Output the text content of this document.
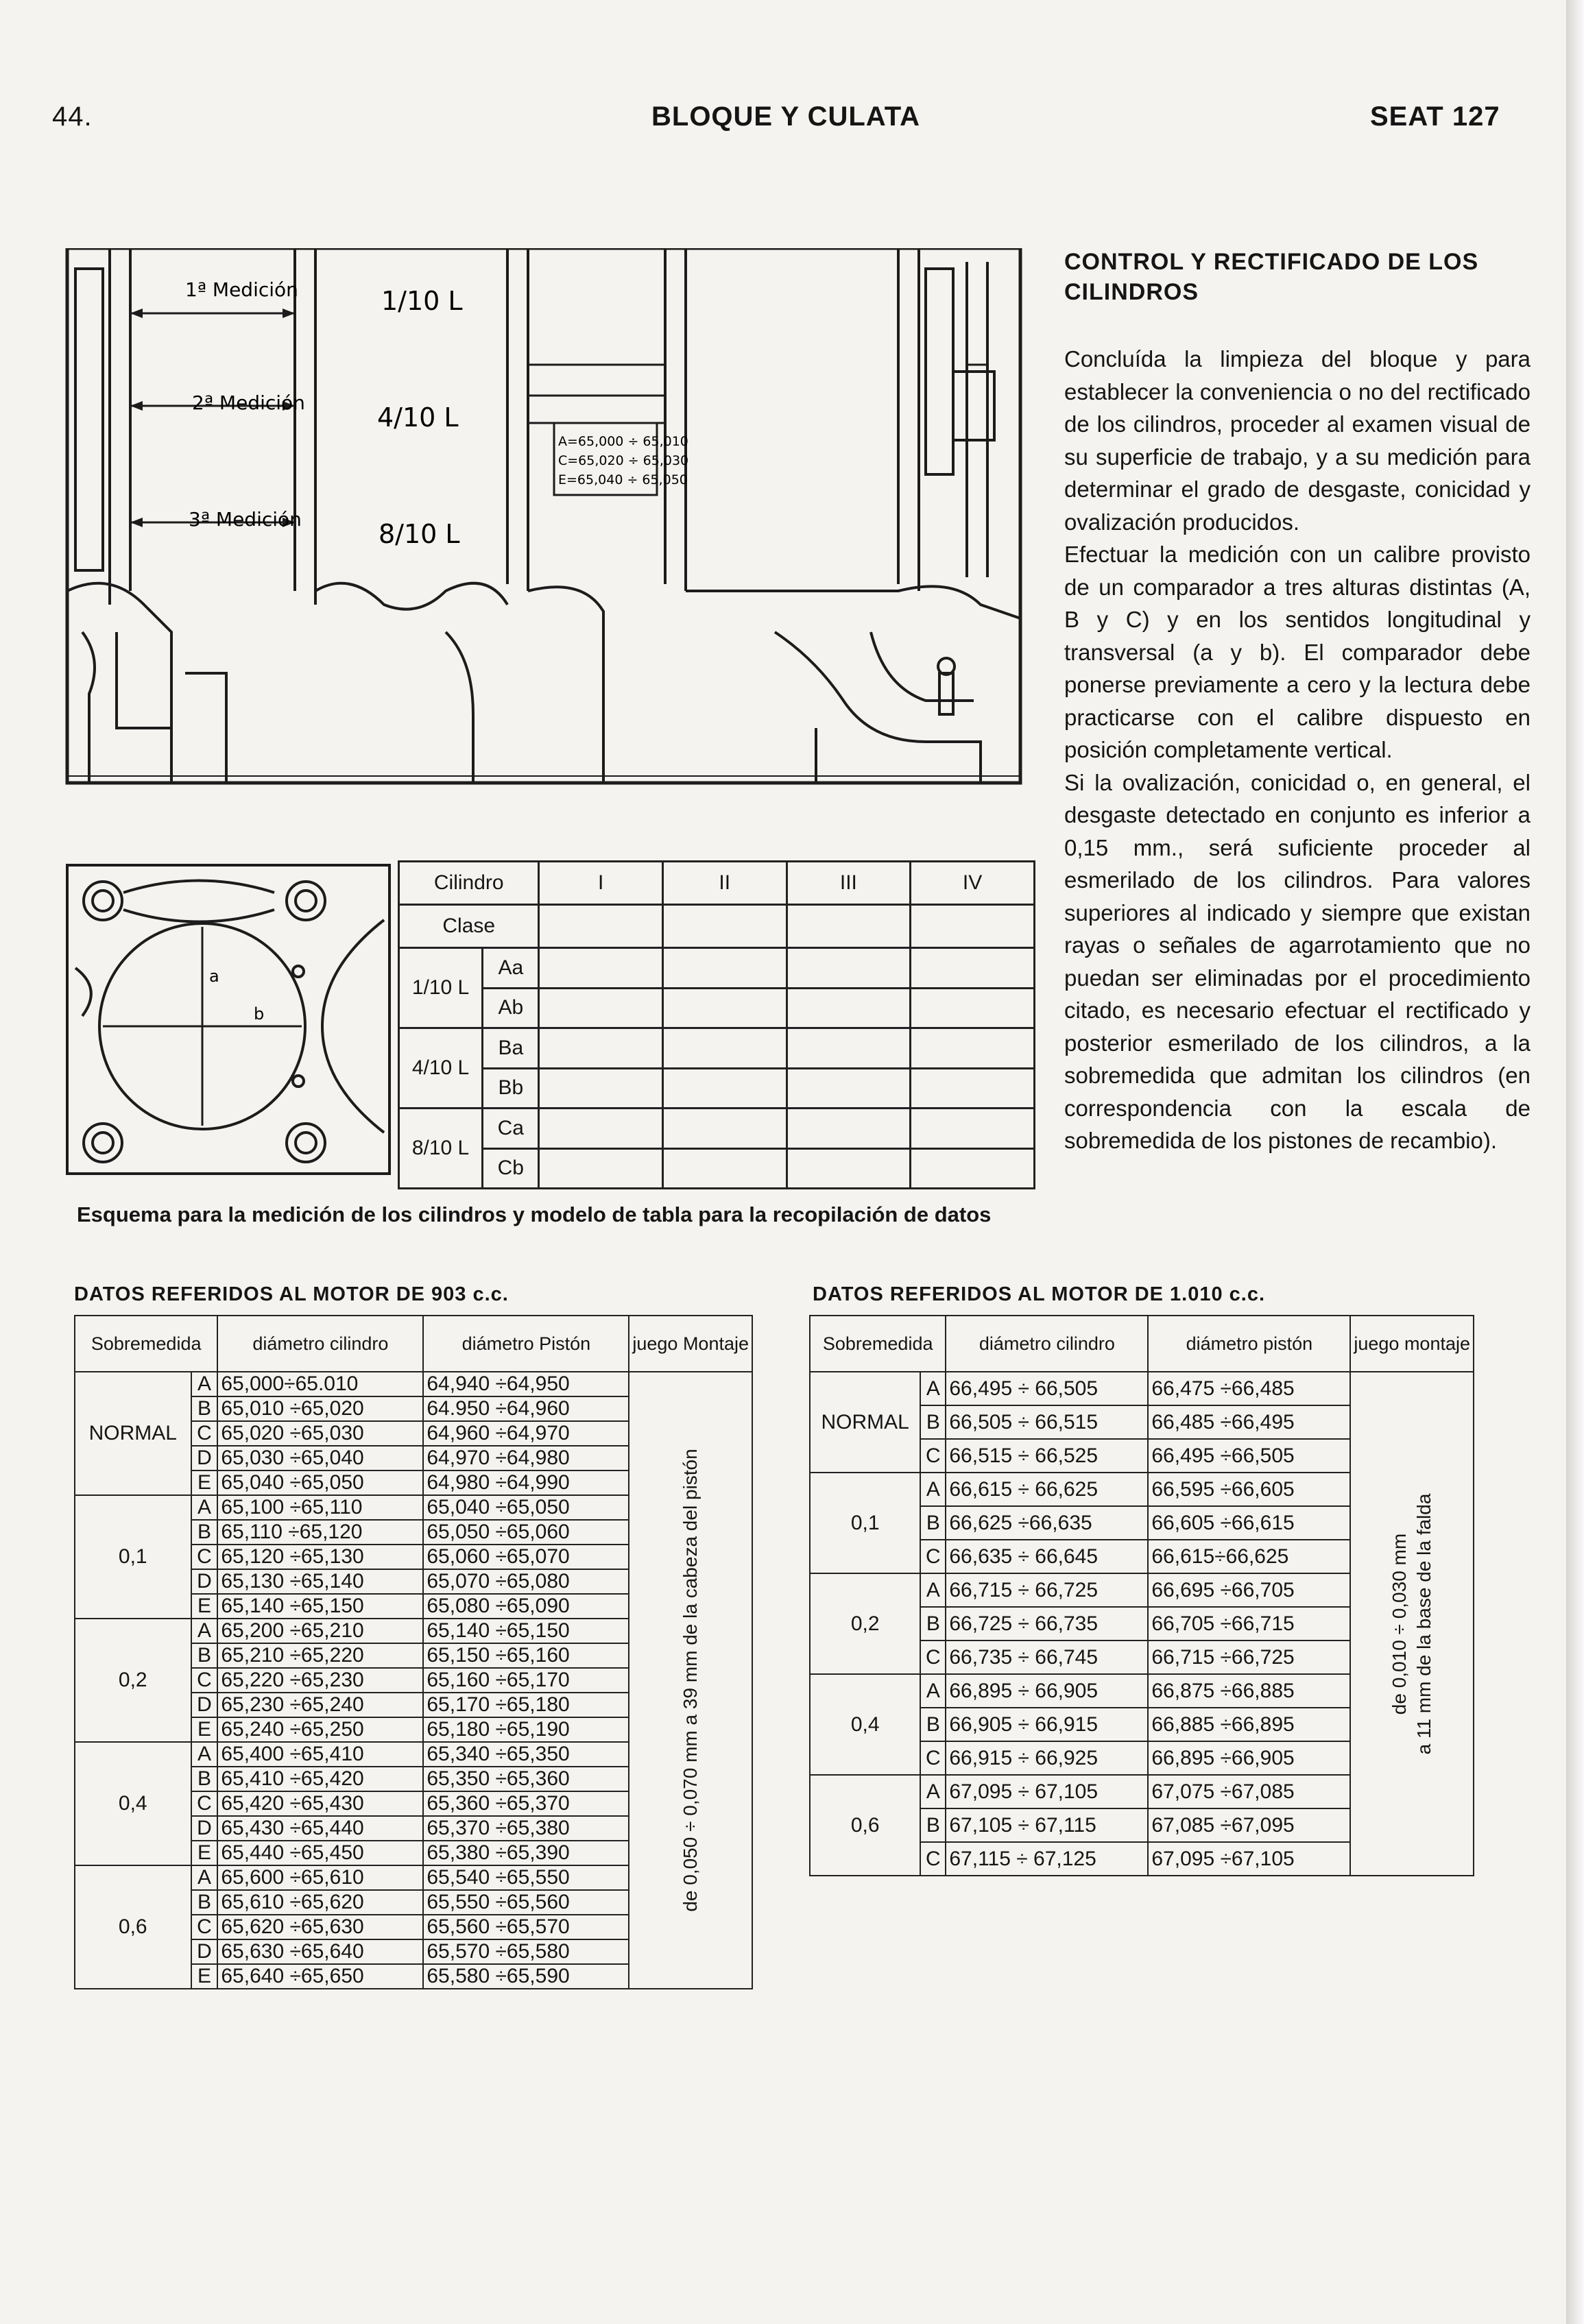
44.	BLOQUE Y CULATA	SEAT 127
1ª Medición
2ª Medición
3ª Medición
1/10 L
4/10 L
8/10 L
A=65,000 ÷ 65,010
C=65,020 ÷ 65,030
E=65,040 ÷ 65,050
a
b
Cilindro		I	II	III	IV
Clase					
1/10 L	Aa				
	Ab				
4/10 L	Ba				
	Bb				
8/10 L	Ca				
	Cb				
Esquema para la medición de los cilindros y modelo de tabla para la recopilación de datos
CONTROL Y RECTIFICADO DE LOS CILINDROS
Concluída la limpieza del bloque y para establecer la conveniencia o no del rectificado de los cilindros, proceder al examen visual de su superficie de trabajo, y a su medición para determinar el grado de desgaste, conicidad y ovalización producidos.
Efectuar la medición con un calibre provisto de un comparador a tres alturas distintas (A, B y C) y en los sentidos longitudinal y transversal (a y b). El comparador debe ponerse previamente a cero y la lectura debe practicarse con el calibre dispuesto en posición completamente vertical.
Si la ovalización, conicidad o, en general, el desgaste detectado en conjunto es inferior a 0,15 mm., será suficiente proceder al esmerilado de los cilindros. Para valores superiores al indicado y siempre que existan rayas o señales de agarrotamiento que no puedan ser eliminadas por el procedimiento citado, es necesario efectuar el rectificado y posterior esmerilado de los cilindros, a la sobremedida que admitan los cilindros (en correspondencia con la escala de sobremedida de los pistones de recambio).
DATOS REFERIDOS AL MOTOR DE 903 c.c.
Sobremedida		diámetro cilindro	diámetro Pistón	juego Montaje
NORMAL	A	65,000÷65.010	64,940 ÷64,950	de 0,050 ÷ 0,070 mm a 39 mm de la cabeza del pistón

	B	65,010 ÷65,020	64.950 ÷64,960	
	C	65,020 ÷65,030	64,960 ÷64,970	
	D	65,030 ÷65,040	64,970 ÷64,980	
	E	65,040 ÷65,050	64,980 ÷64,990	
0,1	A	65,100 ÷65,110	65,040 ÷65,050	
	B	65,110 ÷65,120	65,050 ÷65,060	
	C	65,120 ÷65,130	65,060 ÷65,070	
	D	65,130 ÷65,140	65,070 ÷65,080	
	E	65,140 ÷65,150	65,080 ÷65,090	
0,2	A	65,200 ÷65,210	65,140 ÷65,150	
	B	65,210 ÷65,220	65,150 ÷65,160	
	C	65,220 ÷65,230	65,160 ÷65,170	
	D	65,230 ÷65,240	65,170 ÷65,180	
	E	65,240 ÷65,250	65,180 ÷65,190	
0,4	A	65,400 ÷65,410	65,340 ÷65,350	
	B	65,410 ÷65,420	65,350 ÷65,360	
	C	65,420 ÷65,430	65,360 ÷65,370	
	D	65,430 ÷65,440	65,370 ÷65,380	
	E	65,440 ÷65,450	65,380 ÷65,390	
0,6	A	65,600 ÷65,610	65,540 ÷65,550	
	B	65,610 ÷65,620	65,550 ÷65,560	
	C	65,620 ÷65,630	65,560 ÷65,570	
	D	65,630 ÷65,640	65,570 ÷65,580	
	E	65,640 ÷65,650	65,580 ÷65,590	
DATOS REFERIDOS AL MOTOR DE 1.010 c.c.
Sobremedida		diámetro cilindro	diámetro pistón	juego montaje
NORMAL	A	66,495 ÷ 66,505	66,475 ÷66,485	de 0,010 ÷ 0,030 mm a 11 mm de la base de la falda

	B	66,505 ÷ 66,515	66,485 ÷66,495	
	C	66,515 ÷ 66,525	66,495 ÷66,505	
0,1	A	66,615 ÷ 66,625	66,595 ÷66,605	
	B	66,625 ÷66,635	66,605 ÷66,615	
	C	66,635 ÷ 66,645	66,615÷66,625	
0,2	A	66,715 ÷ 66,725	66,695 ÷66,705	
	B	66,725 ÷ 66,735	66,705 ÷66,715	
	C	66,735 ÷ 66,745	66,715 ÷66,725	
0,4	A	66,895 ÷ 66,905	66,875 ÷66,885	
	B	66,905 ÷ 66,915	66,885 ÷66,895	
	C	66,915 ÷ 66,925	66,895 ÷66,905	
0,6	A	67,095 ÷ 67,105	67,075 ÷67,085	
	B	67,105 ÷ 67,115	67,085 ÷67,095	
	C	67,115 ÷ 67,125	67,095 ÷67,105	
